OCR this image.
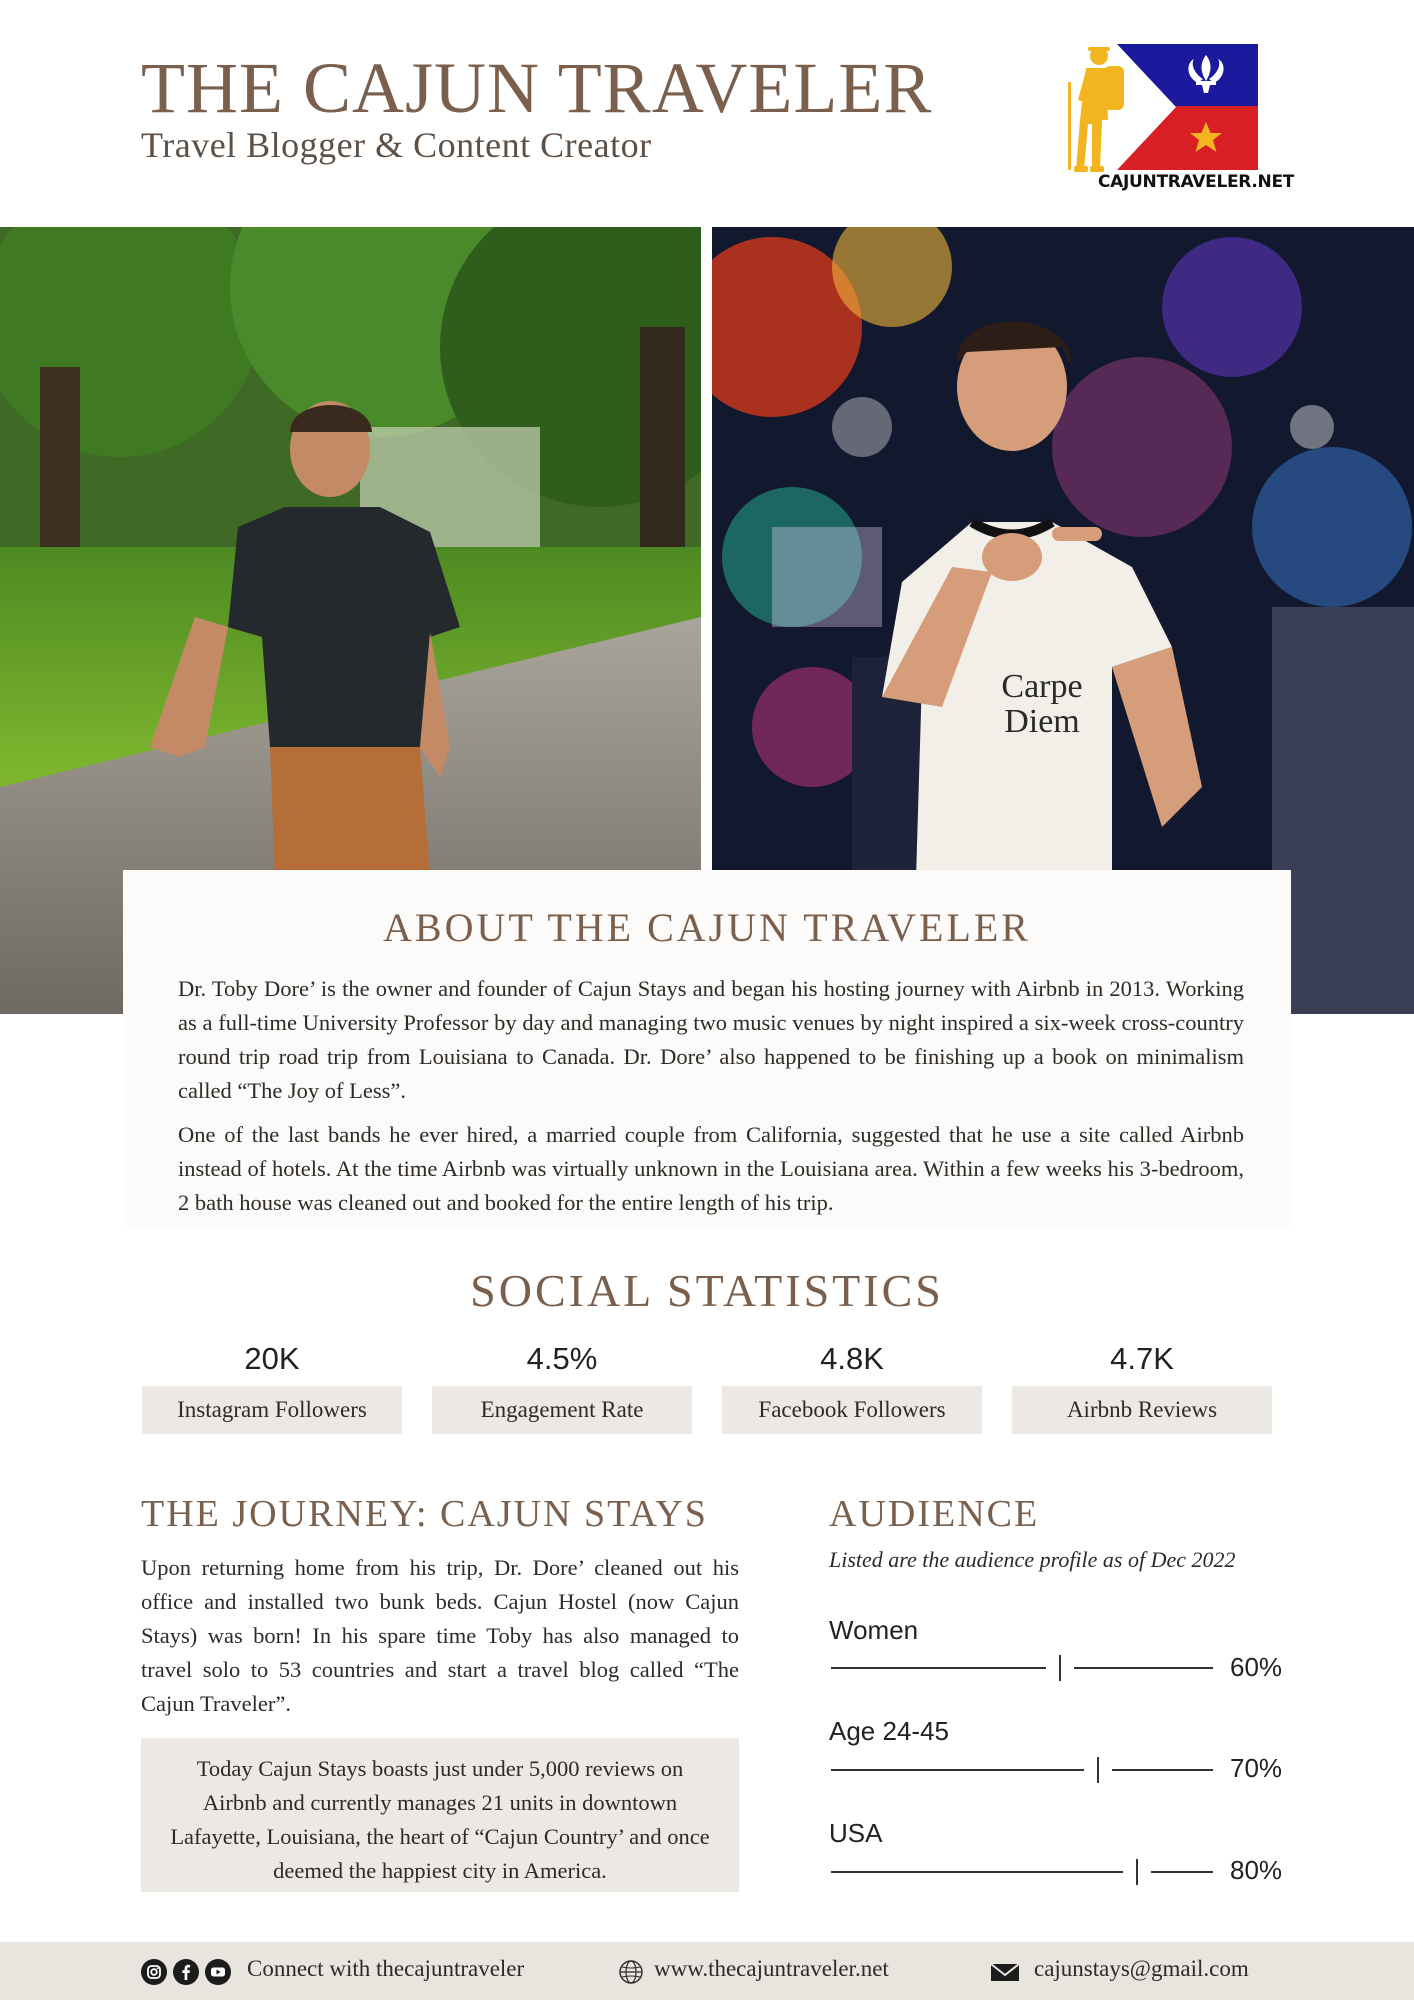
THE CAJUN TRAVELER
Travel Blogger & Content Creator
CAJUNTRAVELER.NET
Carpe
Diem
ABOUT THE CAJUN TRAVELER

Dr. Toby Dore’ is the owner and founder of Cajun Stays and began his hosting journey with Airbnb in 2013. Working as a full-time University Professor by day and managing two music venues by night inspired a six-week cross-country round trip road trip from Louisiana to Canada. Dr. Dore’ also happened to be finishing up a book on minimalism called “The Joy of Less”.

One of the last bands he ever hired, a married couple from California, suggested that he use a site called Airbnb instead of hotels. At the time Airbnb was virtually unknown in the Louisiana area. Within a few weeks his 3-bedroom, 2 bath house was cleaned out and booked for the entire length of his trip.

SOCIAL STATISTICS
20K
Instagram Followers
4.5%
Engagement Rate
4.8K
Facebook Followers
4.7K
Airbnb Reviews
THE JOURNEY: CAJUN STAYS

Upon returning home from his trip, Dr. Dore’ cleaned out his office and installed two bunk beds. Cajun Hostel (now Cajun Stays) was born! In his spare time Toby has also managed to travel solo to 53 countries and start a travel blog called “The Cajun Traveler”.

Today Cajun Stays boasts just under 5,000 reviews on Airbnb and currently manages 21 units in downtown Lafayette, Louisiana, the heart of “Cajun Country’ and once deemed the happiest city in America.

AUDIENCE
Listed are the audience profile as of Dec 2022
Women
60%
Age 24-45
70%
USA
80%
Connect with thecajuntraveler	www.thecajuntraveler.net	cajunstays@gmail.com
